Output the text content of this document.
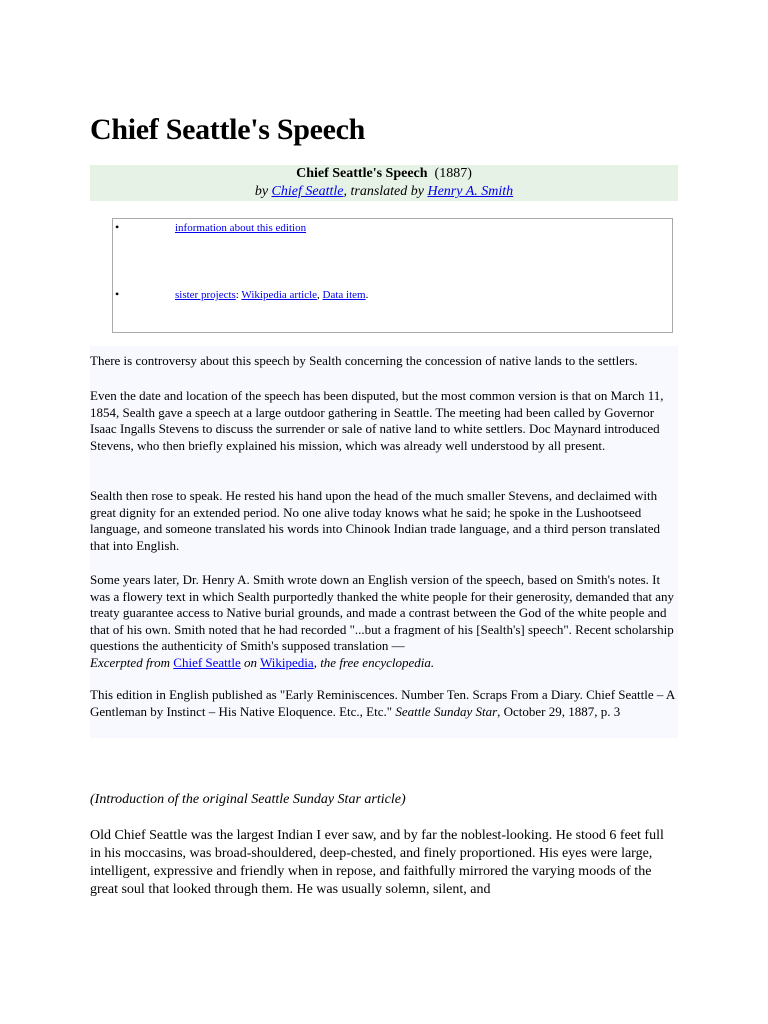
Chief Seattle's Speech
Chief Seattle's Speech (1887)
by Chief Seattle, translated by Henry A. Smith
•	information about this edition
•	sister projects: Wikipedia article, Data item.

There is controversy about this speech by Sealth concerning the concession of native lands to the settlers.

Even the date and location of the speech has been disputed, but the most common version is that on March 11, 1854, Sealth gave a speech at a large outdoor gathering in Seattle. The meeting had been called by Governor Isaac Ingalls Stevens to discuss the surrender or sale of native land to white settlers. Doc Maynard introduced Stevens, who then briefly explained his mission, which was already well understood by all present.

Sealth then rose to speak. He rested his hand upon the head of the much smaller Stevens, and declaimed with great dignity for an extended period. No one alive today knows what he said; he spoke in the Lushootseed language, and someone translated his words into Chinook Indian trade language, and a third person translated that into English.

Some years later, Dr. Henry A. Smith wrote down an English version of the speech, based on Smith's notes. It was a flowery text in which Sealth purportedly thanked the white people for their generosity, demanded that any treaty guarantee access to Native burial grounds, and made a contrast between the God of the white people and that of his own. Smith noted that he had recorded "...but a fragment of his [Sealth's] speech". Recent scholarship questions the authenticity of Smith's supposed translation —
Excerpted from Chief Seattle on Wikipedia, the free encyclopedia.

This edition in English published as "Early Reminiscences. Number Ten. Scraps From a Diary. Chief Seattle – A Gentleman by Instinct – His Native Eloquence. Etc., Etc." Seattle Sunday Star, October 29, 1887, p. 3

(Introduction of the original Seattle Sunday Star article)

Old Chief Seattle was the largest Indian I ever saw, and by far the noblest-looking. He stood 6 feet full in his moccasins, was broad-shouldered, deep-chested, and finely proportioned. His eyes were large, intelligent, expressive and friendly when in repose, and faithfully mirrored the varying moods of the great soul that looked through them. He was usually solemn, silent, and
